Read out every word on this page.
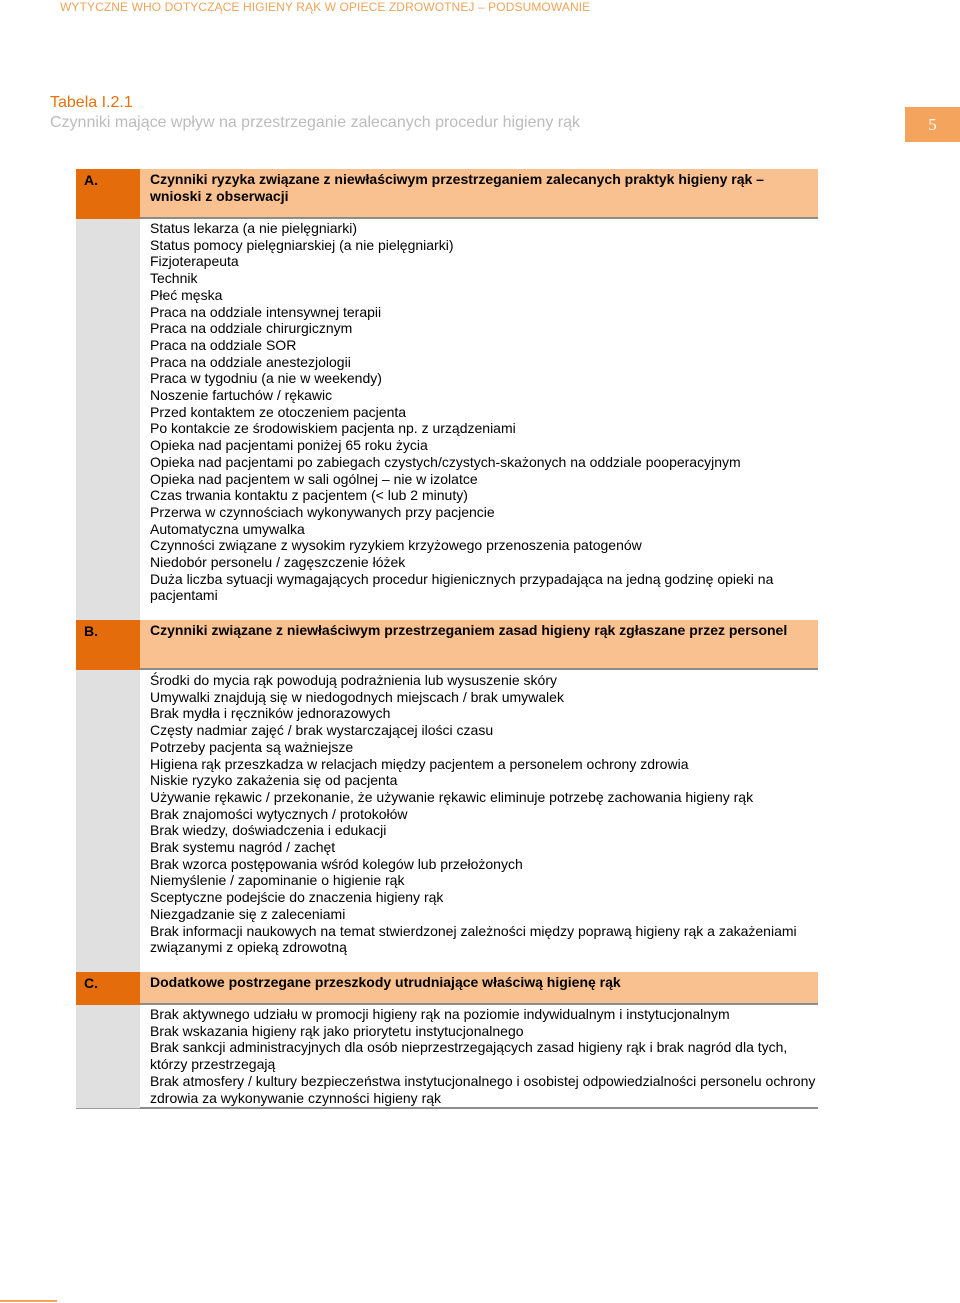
WYTYCZNE WHO DOTYCZĄCE HIGIENY RĄK W OPIECE ZDROWOTNEJ – PODSUMOWANIE
Tabela I.2.1
Czynniki mające wpływ na przestrzeganie zalecanych procedur higieny rąk	5
A.	Czynniki ryzyka związane z niewłaściwym przestrzeganiem zalecanych praktyk higieny rąk – wnioski z obserwacji
Status lekarza (a nie pielęgniarki)
Status pomocy pielęgniarskiej (a nie pielęgniarki)
Fizjoterapeuta
Technik
Płeć męska
Praca na oddziale intensywnej terapii
Praca na oddziale chirurgicznym
Praca na oddziale SOR
Praca na oddziale anestezjologii
Praca w tygodniu (a nie w weekendy)
Noszenie fartuchów / rękawic
Przed kontaktem ze otoczeniem pacjenta
Po kontakcie ze środowiskiem pacjenta np. z urządzeniami
Opieka nad pacjentami poniżej 65 roku życia
Opieka nad pacjentami po zabiegach czystych/czystych-skażonych na oddziale pooperacyjnym
Opieka nad pacjentem w sali ogólnej – nie w izolatce
Czas trwania kontaktu z pacjentem (< lub 2 minuty)
Przerwa w czynnościach wykonywanych przy pacjencie
Automatyczna umywalka
Czynności związane z wysokim ryzykiem krzyżowego przenoszenia patogenów
Niedobór personelu / zagęszczenie łóżek
Duża liczba sytuacji wymagających procedur higienicznych przypadająca na jedną godzinę opieki na pacjentami
B.	Czynniki związane z niewłaściwym przestrzeganiem zasad higieny rąk zgłaszane przez personel
Środki do mycia rąk powodują podrażnienia lub wysuszenie skóry
Umywalki znajdują się w niedogodnych miejscach / brak umywalek
Brak mydła i ręczników jednorazowych
Częsty nadmiar zajęć / brak wystarczającej ilości czasu
Potrzeby pacjenta są ważniejsze
Higiena rąk przeszkadza w relacjach między pacjentem a personelem ochrony zdrowia
Niskie ryzyko zakażenia się od pacjenta
Używanie rękawic / przekonanie, że używanie rękawic eliminuje potrzebę zachowania higieny rąk
Brak znajomości wytycznych / protokołów
Brak wiedzy, doświadczenia i edukacji
Brak systemu nagród / zachęt
Brak wzorca postępowania wśród kolegów lub przełożonych
Niemyślenie / zapominanie o higienie rąk
Sceptyczne podejście do znaczenia higieny rąk
Niezgadzanie się z zaleceniami
Brak informacji naukowych na temat stwierdzonej zależności między poprawą higieny rąk a zakażeniami związanymi z opieką zdrowotną
C.	Dodatkowe postrzegane przeszkody utrudniające właściwą higienę rąk
Brak aktywnego udziału w promocji higieny rąk na poziomie indywidualnym i instytucjonalnym
Brak wskazania higieny rąk jako priorytetu instytucjonalnego
Brak sankcji administracyjnych dla osób nieprzestrzegających zasad higieny rąk i brak nagród dla tych, którzy przestrzegają
Brak atmosfery / kultury bezpieczeństwa instytucjonalnego i osobistej odpowiedzialności personelu ochrony zdrowia za wykonywanie czynności higieny rąk
